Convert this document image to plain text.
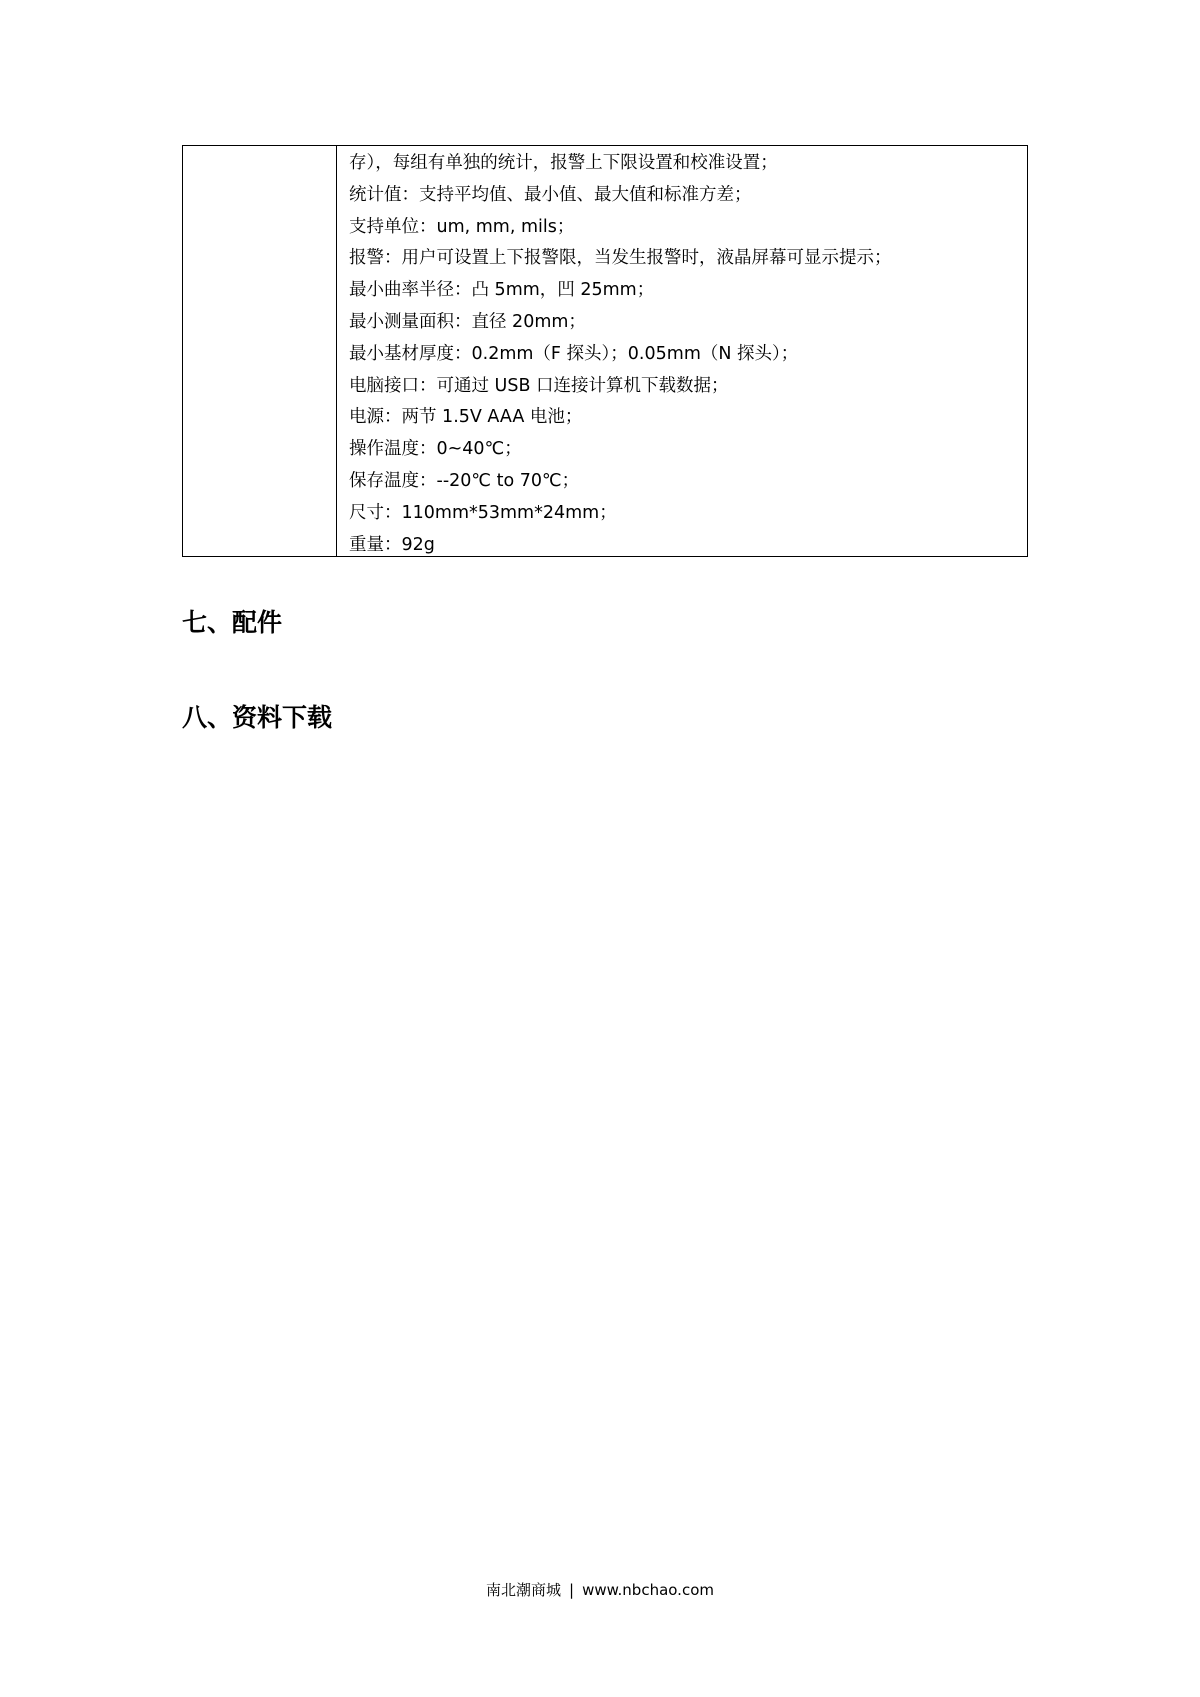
存），每组有单独的统计，报警上下限设置和校准设置；
统计值：支持平均值、最小值、最大值和标准方差；
支持单位：um, mm, mils；
报警：用户可设置上下报警限，当发生报警时，液晶屏幕可显示提示；
最小曲率半径：凸 5mm，凹 25mm；
最小测量面积：直径 20mm；
最小基材厚度：0.2mm（F 探头）；0.05mm（N 探头）；
电脑接口：可通过 USB 口连接计算机下载数据；
电源：两节 1.5V AAA 电池；
操作温度：0~40℃；
保存温度：--20℃ to 70℃；
尺寸：110mm*53mm*24mm；
重量：92g
七、配件
八、资料下载
南北潮商城 | www.nbchao.com
